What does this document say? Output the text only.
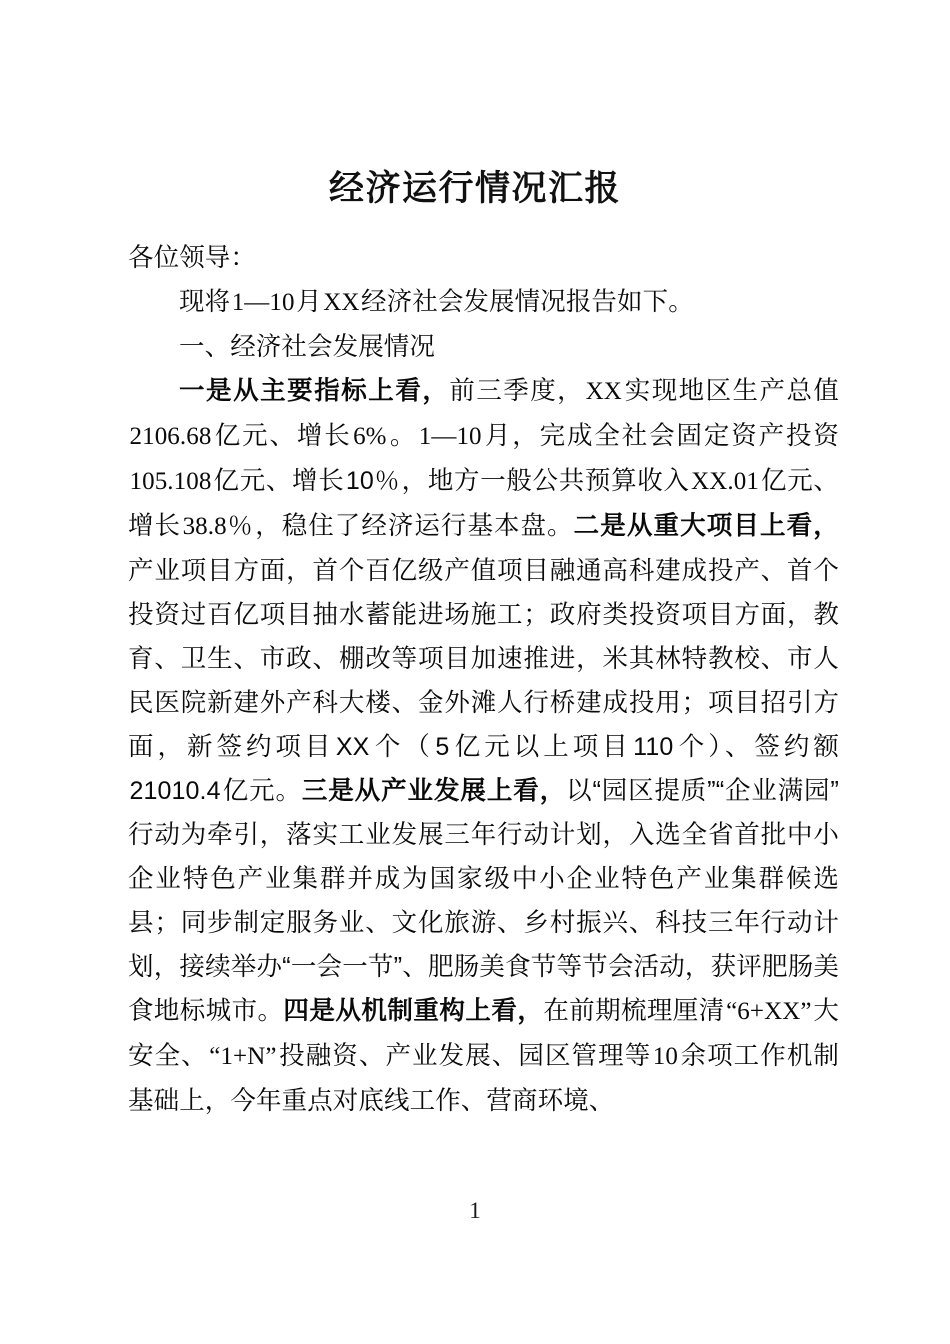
经济运行情况汇报

各位领导：

现将1—10月XX经济社会发展情况报告如下。

一、经济社会发展情况

一是从主要指标上看，前三季度，XX实现地区生产总值2106.68亿元、增长6%。1—10月，完成全社会固定资产投资105.108亿元、增长10％，地方一般公共预算收入XX.01亿元、增长38.8％，稳住了经济运行基本盘。二是从重大项目上看，产业项目方面，首个百亿级产值项目融通高科建成投产、首个投资过百亿项目抽水蓄能进场施工；政府类投资项目方面，教育、卫生、市政、棚改等项目加速推进，米其林特教校、市人民医院新建外产科大楼、金外滩人行桥建成投用；项目招引方面，新签约项目XX个（5亿元以上项目110个）、签约额21010.4亿元。三是从产业发展上看，以“园区提质”“企业满园”行动为牵引，落实工业发展三年行动计划，入选全省首批中小企业特色产业集群并成为国家级中小企业特色产业集群候选县；同步制定服务业、文化旅游、乡村振兴、科技三年行动计划，接续举办“一会一节”、肥肠美食节等节会活动，获评肥肠美食地标城市。四是从机制重构上看，在前期梳理厘清“6+XX”大安全、“1+N”投融资、产业发展、园区管理等10余项工作机制基础上，今年重点对底线工作、营商环境、

1
